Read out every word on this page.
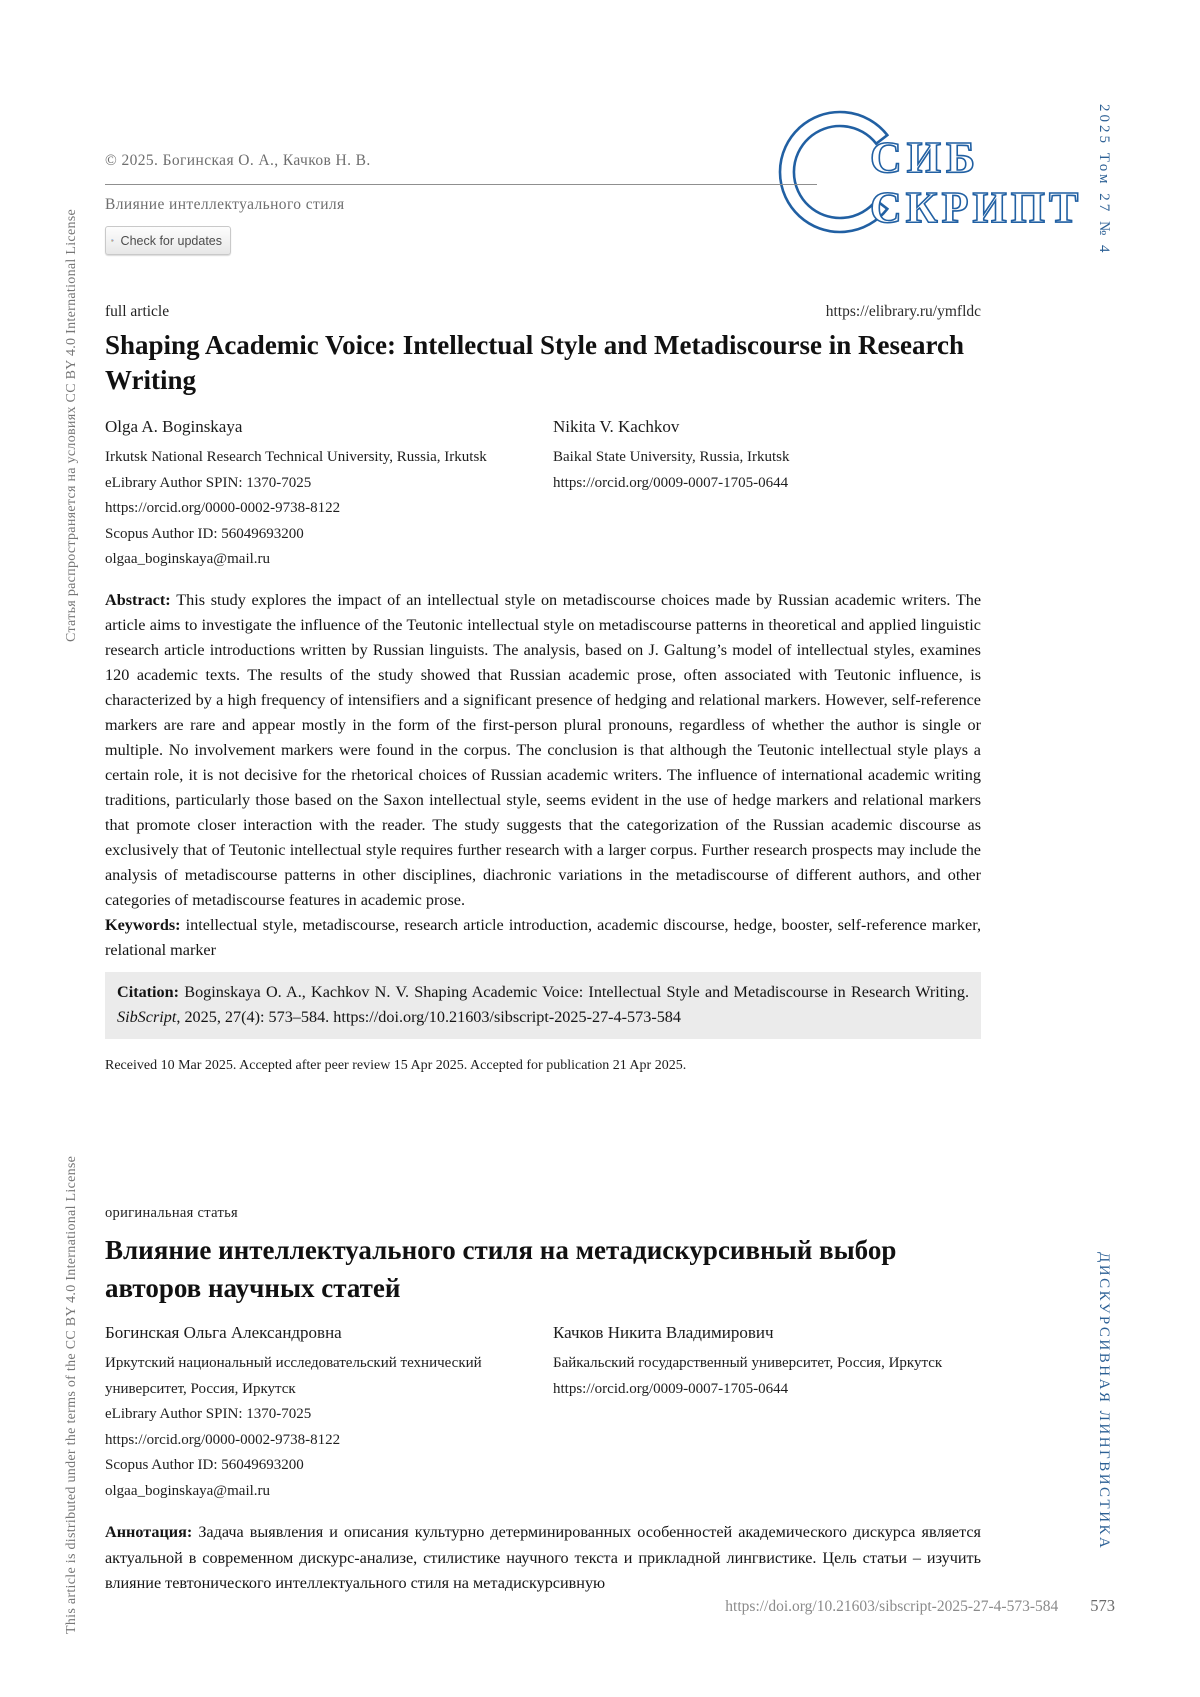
Статья распространяется на условиях CC BY 4.0 International License
This article is distributed under the terms of the CC BY 4.0 International License
2025 Том 27 № 4
ДИСКУРСИВНАЯ ЛИНГВИСТИКА
СИБ
СКРИПТ
© 2025. Богинская О. А., Качков Н. В.
Влияние интеллектуального стиля
Check for updates
full article	https://elibrary.ru/ymfldc
Shaping Academic Voice: Intellectual Style and Metadiscourse in Research Writing
Olga A. Boginskaya
Irkutsk National Research Technical University, Russia, Irkutsk
eLibrary Author SPIN: 1370-7025
https://orcid.org/0000-0002-9738-8122
Scopus Author ID: 56049693200
olgaa_boginskaya@mail.ru
Nikita V. Kachkov
Baikal State University, Russia, Irkutsk
https://orcid.org/0009-0007-1705-0644

Abstract: This study explores the impact of an intellectual style on metadiscourse choices made by Russian academic writers. The article aims to investigate the influence of the Teutonic intellectual style on metadiscourse patterns in theoretical and applied linguistic research article introductions written by Russian linguists. The analysis, based on J. Galtung’s model of intellectual styles, examines 120 academic texts. The results of the study showed that Russian academic prose, often associated with Teutonic influence, is characterized by a high frequency of intensifiers and a significant presence of hedging and relational markers. However, self-reference markers are rare and appear mostly in the form of the first-person plural pronouns, regardless of whether the author is single or multiple. No involvement markers were found in the corpus. The conclusion is that although the Teutonic intellectual style plays a certain role, it is not decisive for the rhetorical choices of Russian academic writers. The influence of international academic writing traditions, particularly those based on the Saxon intellectual style, seems evident in the use of hedge markers and relational markers that promote closer interaction with the reader. The study suggests that the categorization of the Russian academic discourse as exclusively that of Teutonic intellectual style requires further research with a larger corpus. Further research prospects may include the analysis of metadiscourse patterns in other disciplines, diachronic variations in the metadiscourse of different authors, and other categories of metadiscourse features in academic prose.

Keywords: intellectual style, metadiscourse, research article introduction, academic discourse, hedge, booster, self-reference marker, relational marker

Citation: Boginskaya O. A., Kachkov N. V. Shaping Academic Voice: Intellectual Style and Metadiscourse in Research Writing. SibScript, 2025, 27(4): 573–584. https://doi.org/10.21603/sibscript-2025-27-4-573-584

Received 10 Mar 2025. Accepted after peer review 15 Apr 2025. Accepted for publication 21 Apr 2025.
оригинальная статья
Влияние интеллектуального стиля на метадискурсивный выбор авторов научных статей
Богинская Ольга Александровна
Иркутский национальный исследовательский технический университет, Россия, Иркутск
eLibrary Author SPIN: 1370-7025
https://orcid.org/0000-0002-9738-8122
Scopus Author ID: 56049693200
olgaa_boginskaya@mail.ru
Качков Никита Владимирович
Байкальский государственный университет, Россия, Иркутск
https://orcid.org/0009-0007-1705-0644

Аннотация: Задача выявления и описания культурно детерминированных особенностей академического дискурса является актуальной в современном дискурс-анализе, стилистике научного текста и прикладной лингвистике. Цель статьи – изучить влияние тевтонического интеллектуального стиля на метадискурсивную

https://doi.org/10.21603/sibscript-2025-27-4-573-584 573
